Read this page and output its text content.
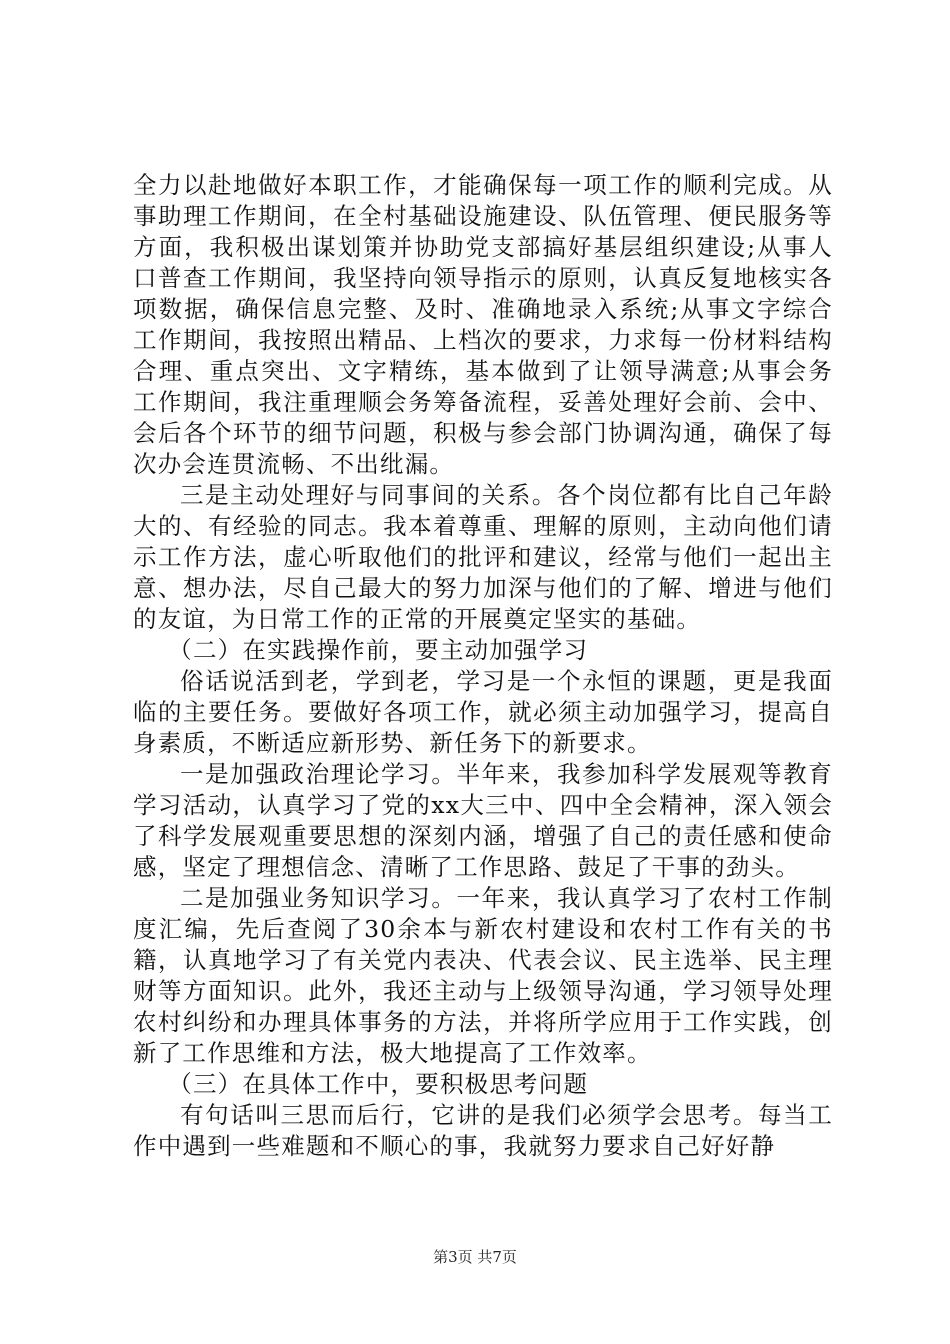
全力以赴地做好本职工作，才能确保每一项工作的顺利完成。从事助理工作期间，在全村基础设施建设、队伍管理、便民服务等方面，我积极出谋划策并协助党支部搞好基层组织建设;从事人口普查工作期间，我坚持向领导指示的原则，认真反复地核实各项数据，确保信息完整、及时、准确地录入系统;从事文字综合工作期间，我按照出精品、上档次的要求，力求每一份材料结构合理、重点突出、文字精练，基本做到了让领导满意;从事会务工作期间，我注重理顺会务筹备流程，妥善处理好会前、会中、会后各个环节的细节问题，积极与参会部门协调沟通，确保了每次办会连贯流畅、不出纰漏。

三是主动处理好与同事间的关系。各个岗位都有比自己年龄大的、有经验的同志。我本着尊重、理解的原则，主动向他们请示工作方法，虚心听取他们的批评和建议，经常与他们一起出主意、想办法，尽自己最大的努力加深与他们的了解、增进与他们的友谊，为日常工作的正常的开展奠定坚实的基础。

（二）在实践操作前，要主动加强学习

俗话说活到老，学到老，学习是一个永恒的课题，更是我面临的主要任务。要做好各项工作，就必须主动加强学习，提高自身素质，不断适应新形势、新任务下的新要求。

一是加强政治理论学习。半年来，我参加科学发展观等教育学习活动，认真学习了党的xx大三中、四中全会精神，深入领会了科学发展观重要思想的深刻内涵，增强了自己的责任感和使命感，坚定了理想信念、清晰了工作思路、鼓足了干事的劲头。

二是加强业务知识学习。一年来，我认真学习了农村工作制度汇编，先后查阅了30余本与新农村建设和农村工作有关的书籍，认真地学习了有关党内表决、代表会议、民主选举、民主理财等方面知识。此外，我还主动与上级领导沟通，学习领导处理农村纠纷和办理具体事务的方法，并将所学应用于工作实践，创新了工作思维和方法，极大地提高了工作效率。

（三）在具体工作中，要积极思考问题

有句话叫三思而后行，它讲的是我们必须学会思考。每当工作中遇到一些难题和不顺心的事，我就努力要求自己好好静

第3页 共7页
